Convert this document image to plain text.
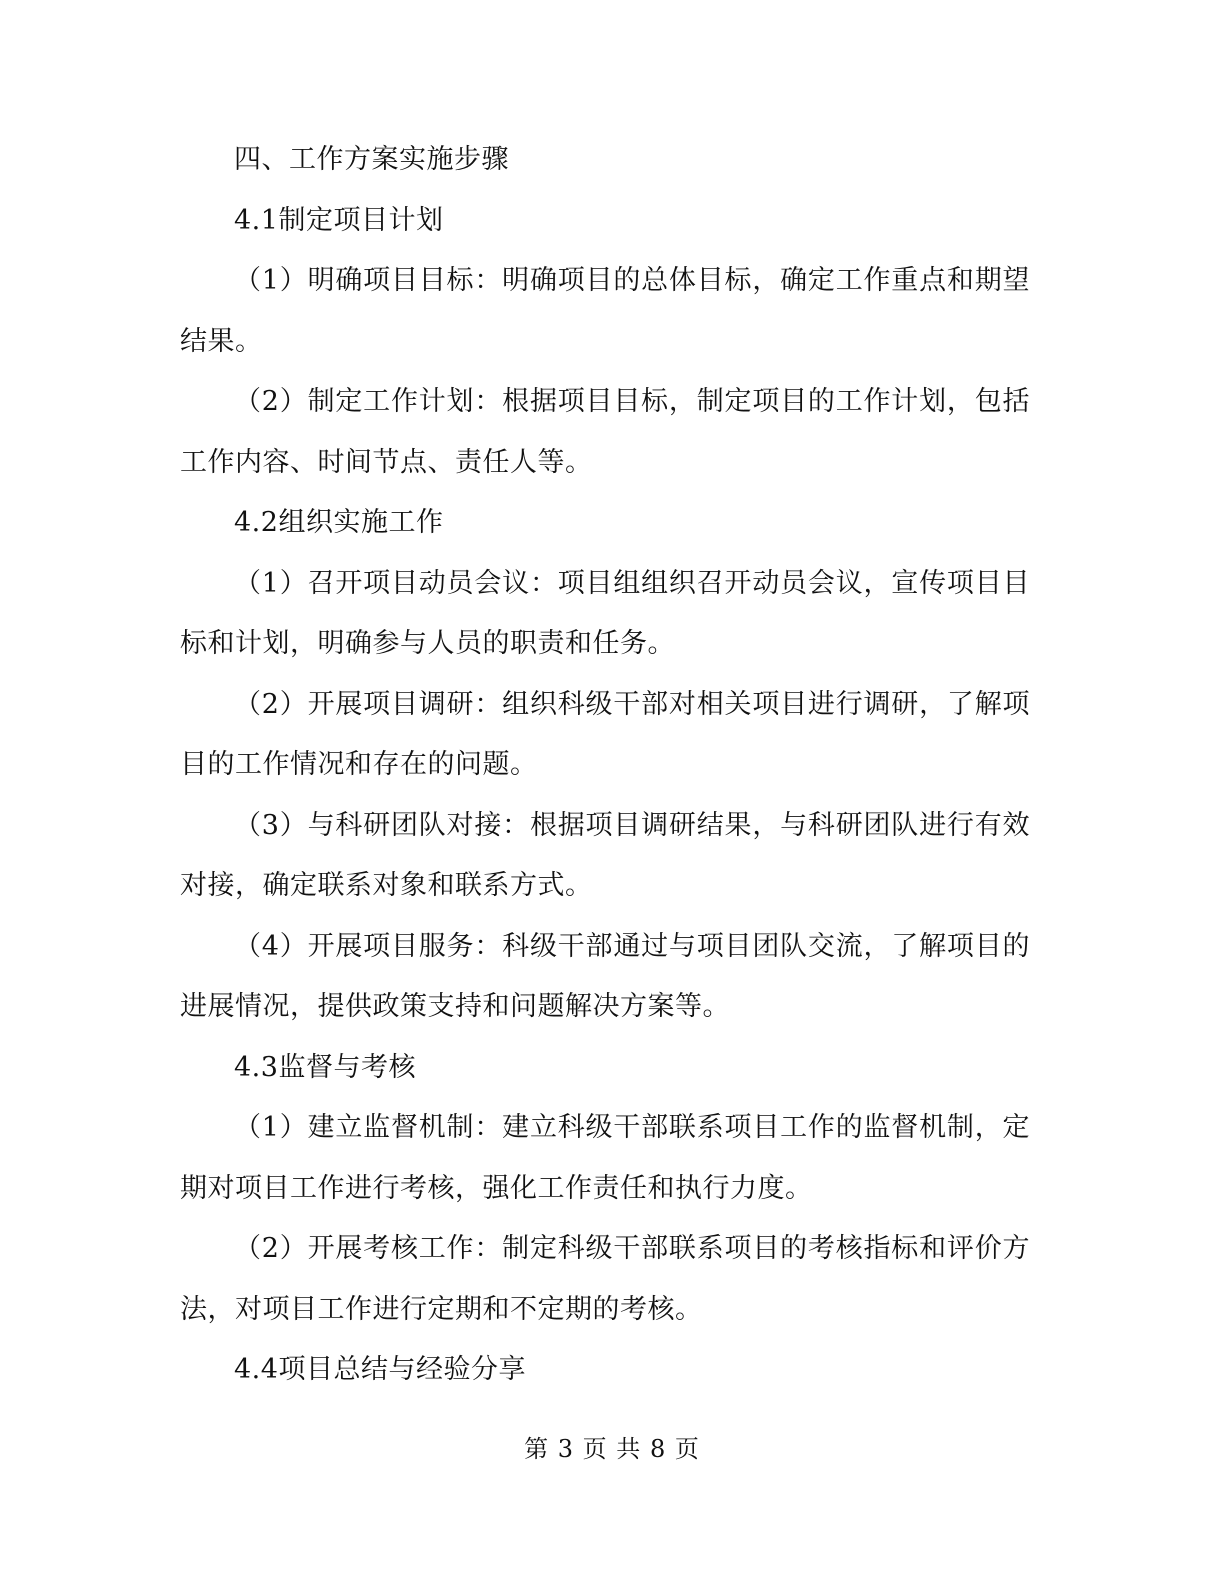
四、工作方案实施步骤

4.1制定项目计划

（1）明确项目目标：明确项目的总体目标，确定工作重点和期望结果。

（2）制定工作计划：根据项目目标，制定项目的工作计划，包括工作内容、时间节点、责任人等。

4.2组织实施工作

（1）召开项目动员会议：项目组组织召开动员会议，宣传项目目标和计划，明确参与人员的职责和任务。

（2）开展项目调研：组织科级干部对相关项目进行调研，了解项目的工作情况和存在的问题。

（3）与科研团队对接：根据项目调研结果，与科研团队进行有效对接，确定联系对象和联系方式。

（4）开展项目服务：科级干部通过与项目团队交流，了解项目的进展情况，提供政策支持和问题解决方案等。

4.3监督与考核

（1）建立监督机制：建立科级干部联系项目工作的监督机制，定期对项目工作进行考核，强化工作责任和执行力度。

（2）开展考核工作：制定科级干部联系项目的考核指标和评价方法，对项目工作进行定期和不定期的考核。

4.4项目总结与经验分享

第 3 页 共 8 页
